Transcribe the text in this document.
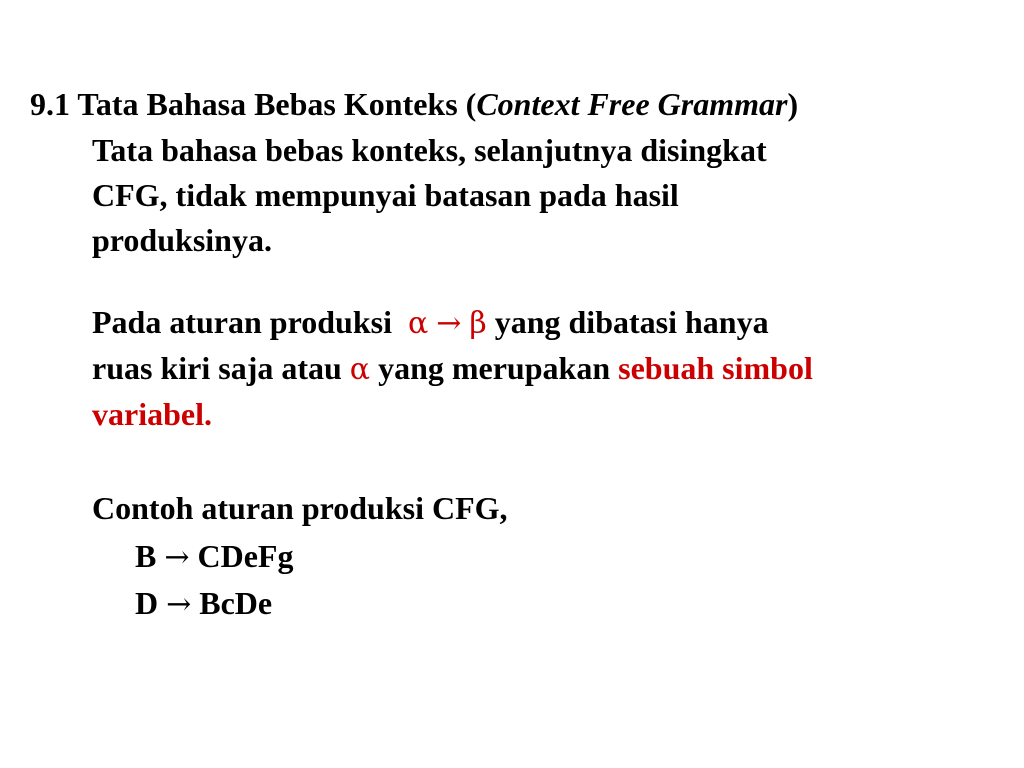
9.1 Tata Bahasa Bebas Konteks (Context Free Grammar)

Tata bahasa bebas konteks, selanjutnya disingkat
CFG, tidak mempunyai batasan pada hasil
produksinya.

Pada aturan produksi α → β yang dibatasi hanya
ruas kiri saja atau α yang merupakan sebuah simbol
variabel.

Contoh aturan produksi CFG,

B → CDeFg

D → BcDe
